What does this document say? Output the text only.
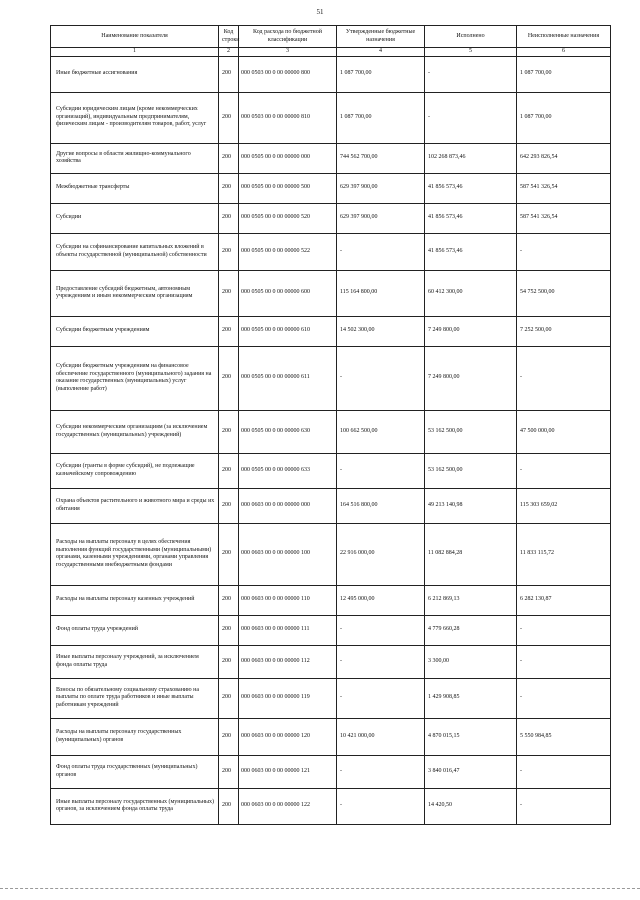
51
Наименование показателя	Код строки	Код расхода по бюджетной классификации	Утвержденные бюджетные назначения	Исполнено	Неисполненные назначения
1	2	3	4	5	6
Иные бюджетные ассигнования	200	000 0503 00 0 00 00000 800	1 087 700,00	-	1 087 700,00
Субсидии юридическим лицам (кроме некоммерческих организаций), индивидуальным предпринимателям, физическим лицам - производителям товаров, работ, услуг	200	000 0503 00 0 00 00000 810	1 087 700,00	-	1 087 700,00
Другие вопросы в области жилищно-коммунального хозяйства	200	000 0505 00 0 00 00000 000	744 562 700,00	102 268 873,46	642 293 826,54
Межбюджетные трансферты	200	000 0505 00 0 00 00000 500	629 397 900,00	41 856 573,46	587 541 326,54
Субсидии	200	000 0505 00 0 00 00000 520	629 397 900,00	41 856 573,46	587 541 326,54
Субсидии на софинансирование капитальных вложений в объекты государственной (муниципальной) собственности	200	000 0505 00 0 00 00000 522	-	41 856 573,46	-
Предоставление субсидий бюджетным, автономным учреждениям и иным некоммерческим организациям	200	000 0505 00 0 00 00000 600	115 164 800,00	60 412 300,00	54 752 500,00
Субсидии бюджетным учреждениям	200	000 0505 00 0 00 00000 610	14 502 300,00	7 249 800,00	7 252 500,00
Субсидии бюджетным учреждениям на финансовое обеспечение государственного (муниципального) задания на оказание государственных (муниципальных) услуг (выполнение работ)	200	000 0505 00 0 00 00000 611	-	7 249 800,00	-
Субсидии некоммерческим организациям (за исключением государственных (муниципальных) учреждений)	200	000 0505 00 0 00 00000 630	100 662 500,00	53 162 500,00	47 500 000,00
Субсидии (гранты в форме субсидий), не подлежащие казначейскому сопровождению	200	000 0505 00 0 00 00000 633	-	53 162 500,00	-
Охрана объектов растительного и животного мира и среды их обитания	200	000 0603 00 0 00 00000 000	164 516 800,00	49 213 140,98	115 303 659,02
Расходы на выплаты персоналу в целях обеспечения выполнения функций государственными (муниципальными) органами, казенными учреждениями, органами управления государственными внебюджетными фондами	200	000 0603 00 0 00 00000 100	22 916 000,00	11 082 884,28	11 833 115,72
Расходы на выплаты персоналу казенных учреждений	200	000 0603 00 0 00 00000 110	12 495 000,00	6 212 869,13	6 282 130,87
Фонд оплаты труда учреждений	200	000 0603 00 0 00 00000 111	-	4 779 660,28	-
Иные выплаты персоналу учреждений, за исключением фонда оплаты труда	200	000 0603 00 0 00 00000 112	-	3 300,00	-
Взносы по обязательному социальному страхованию на выплаты по оплате труда работников и иные выплаты работникам учреждений	200	000 0603 00 0 00 00000 119	-	1 429 908,85	-
Расходы на выплаты персоналу государственных (муниципальных) органов	200	000 0603 00 0 00 00000 120	10 421 000,00	4 870 015,15	5 550 984,85
Фонд оплаты труда государственных (муниципальных) органов	200	000 0603 00 0 00 00000 121	-	3 840 016,47	-
Иные выплаты персоналу государственных (муниципальных) органов, за исключением фонда оплаты труда	200	000 0603 00 0 00 00000 122	-	14 420,50	-
